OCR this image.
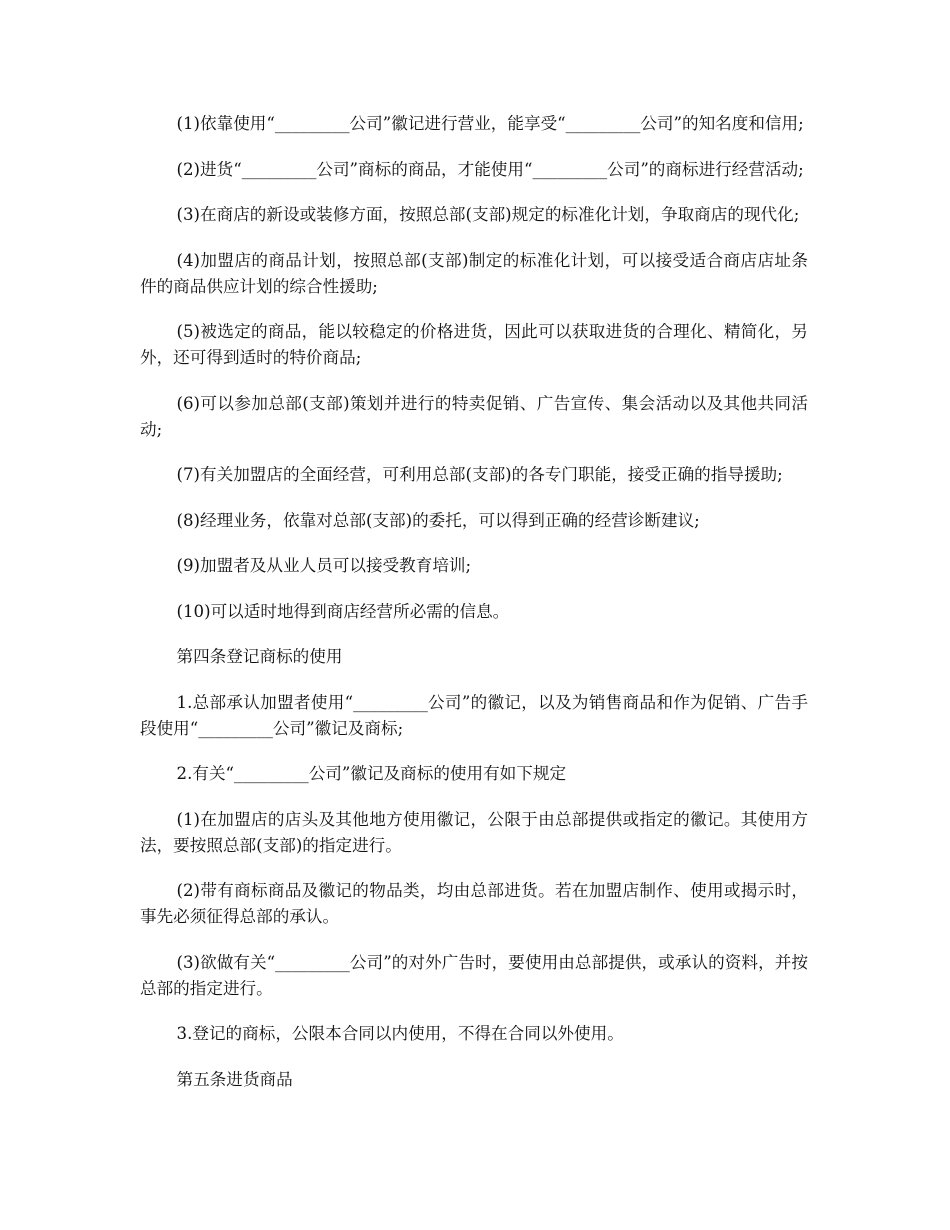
(1)依靠使用“_________公司”徽记进行营业，能享受“_________公司”的知名度和信用;

(2)进货“_________公司”商标的商品，才能使用“_________公司”的商标进行经营活动;

(3)在商店的新设或装修方面，按照总部(支部)规定的标准化计划，争取商店的现代化;

(4)加盟店的商品计划，按照总部(支部)制定的标准化计划，可以接受适合商店店址条件的商品供应计划的综合性援助;

(5)被选定的商品，能以较稳定的价格进货，因此可以获取进货的合理化、精简化，另外，还可得到适时的特价商品;

(6)可以参加总部(支部)策划并进行的特卖促销、广告宣传、集会活动以及其他共同活动;

(7)有关加盟店的全面经营，可利用总部(支部)的各专门职能，接受正确的指导援助;

(8)经理业务，依靠对总部(支部)的委托，可以得到正确的经营诊断建议;

(9)加盟者及从业人员可以接受教育培训;

(10)可以适时地得到商店经营所必需的信息。

第四条登记商标的使用

1.总部承认加盟者使用“_________公司”的徽记，以及为销售商品和作为促销、广告手段使用“_________公司”徽记及商标;

2.有关“_________公司”徽记及商标的使用有如下规定

(1)在加盟店的店头及其他地方使用徽记，公限于由总部提供或指定的徽记。其使用方法，要按照总部(支部)的指定进行。

(2)带有商标商品及徽记的物品类，均由总部进货。若在加盟店制作、使用或揭示时，事先必须征得总部的承认。

(3)欲做有关“_________公司”的对外广告时，要使用由总部提供，或承认的资料，并按总部的指定进行。

3.登记的商标，公限本合同以内使用，不得在合同以外使用。

第五条进货商品
